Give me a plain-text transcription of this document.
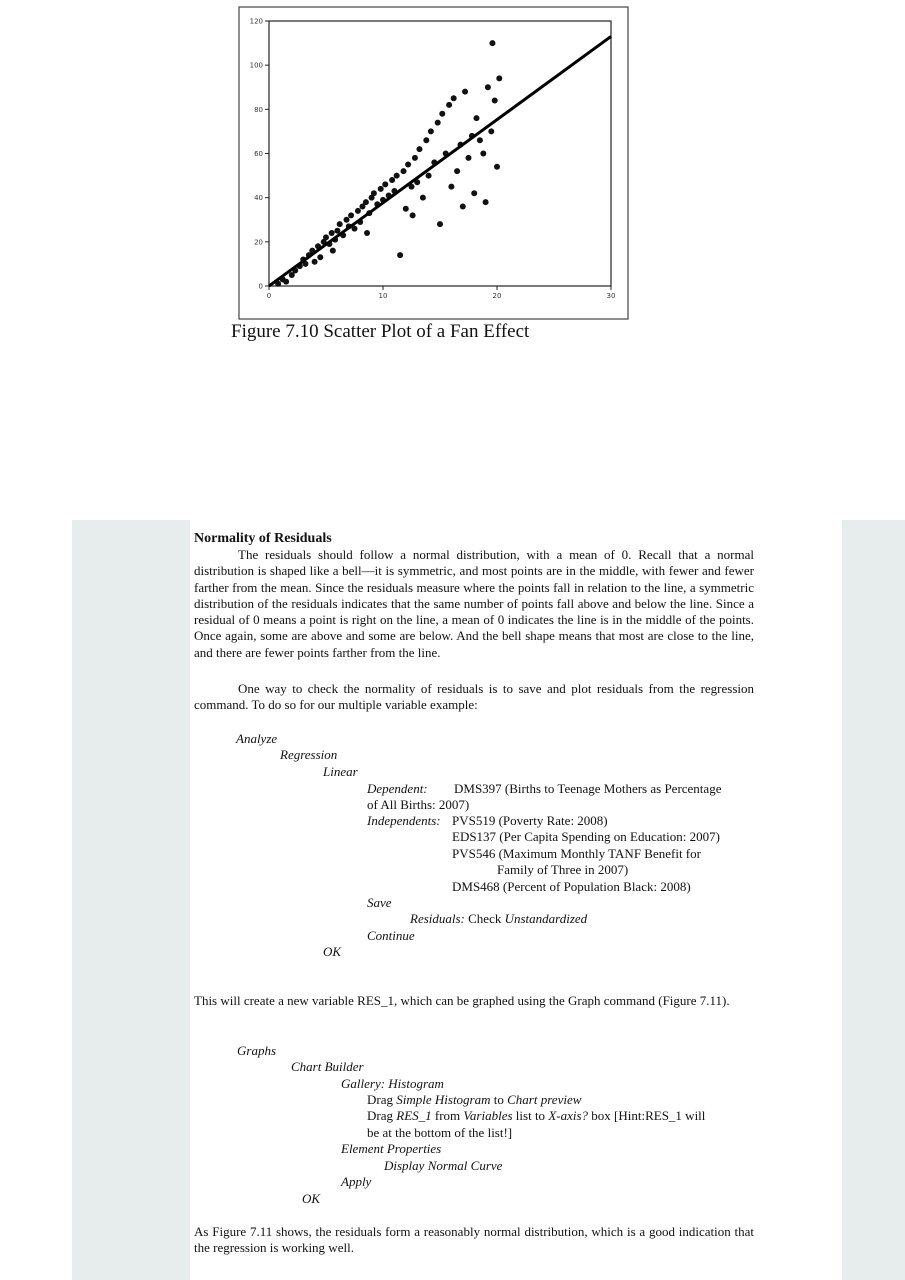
0
20
40
60
80
100
120
0	10	20	30
Figure 7.10 Scatter Plot of a Fan Effect
Normality of Residuals
The residuals should follow a normal distribution, with a mean of 0. Recall that a normal distribution is shaped like a bell—it is symmetric, and most points are in the middle, with fewer and fewer farther from the mean. Since the residuals measure where the points fall in relation to the line, a symmetric distribution of the residuals indicates that the same number of points fall above and below the line. Since a residual of 0 means a point is right on the line, a mean of 0 indicates the line is in the middle of the points. Once again, some are above and some are below. And the bell shape means that most are close to the line, and there are fewer points farther from the line.
One way to check the normality of residuals is to save and plot residuals from the regression command. To do so for our multiple variable example:
Analyze
Regression
Linear
Dependent: DMS397 (Births to Teenage Mothers as Percentage
of All Births: 2007)
Independents: PVS519 (Poverty Rate: 2008)
EDS137 (Per Capita Spending on Education: 2007)
PVS546 (Maximum Monthly TANF Benefit for
Family of Three in 2007)
DMS468 (Percent of Population Black: 2008)
Save
Residuals: Check Unstandardized
Continue
OK
This will create a new variable RES_1, which can be graphed using the Graph command (Figure 7.11).
Graphs
Chart Builder
Gallery: Histogram
Drag Simple Histogram to Chart preview
Drag RES_1 from Variables list to X-axis? box [Hint:RES_1 will
be at the bottom of the list!]
Element Properties
Display Normal Curve
Apply
OK
As Figure 7.11 shows, the residuals form a reasonably normal distribution, which is a good indication that the regression is working well.
